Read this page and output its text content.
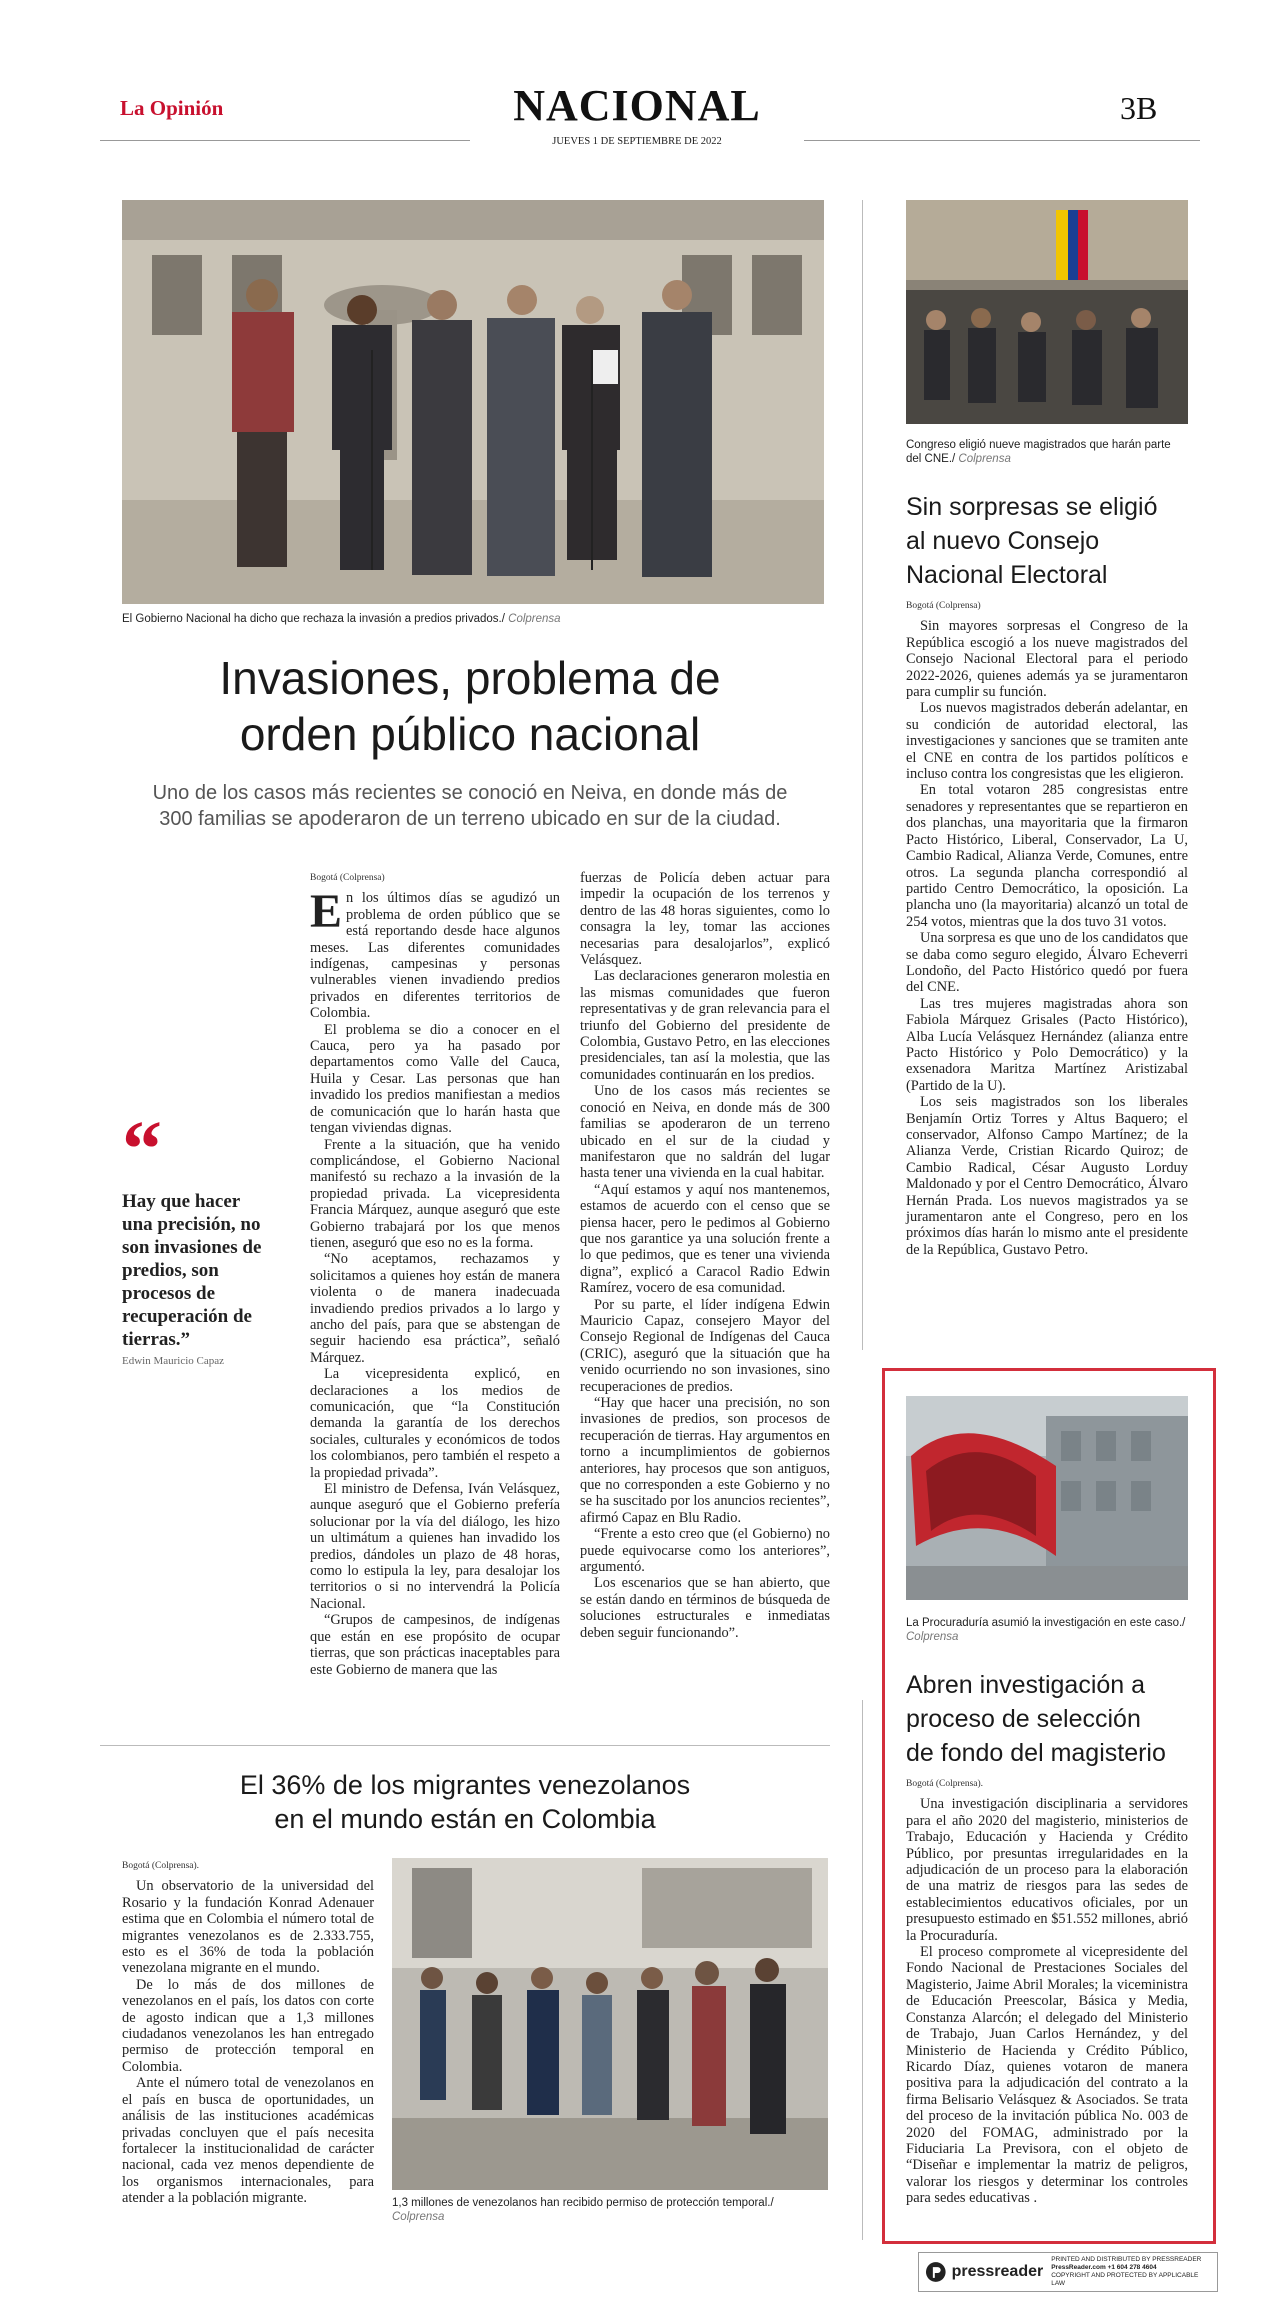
La Opinión	NACIONAL	3B
JUEVES 1 DE SEPTIEMBRE DE 2022
El Gobierno Nacional ha dicho que rechaza la invasión a predios privados./ Colprensa
Invasiones, problema de
orden público nacional
Uno de los casos más recientes se conoció en Neiva, en donde más de
300 familias se apoderaron de un terreno ubicado en sur de la ciudad.
“
Hay que hacer una precisión, no son invasiones de predios, son procesos de recuperación de tierras.”
Edwin Mauricio Capaz
Bogotá (Colprensa)

En los últimos días se agudizó un problema de orden público que se está reportando desde hace algunos meses. Las diferentes comunidades indígenas, campesinas y personas vulnerables vienen invadiendo predios privados en diferentes territorios de Colombia.

El problema se dio a conocer en el Cauca, pero ya ha pasado por departamentos como Valle del Cauca, Huila y Cesar. Las personas que han invadido los predios manifiestan a medios de comunicación que lo harán hasta que tengan viviendas dignas.

Frente a la situación, que ha venido complicándose, el Gobierno Nacional manifestó su rechazo a la invasión de la propiedad privada. La vicepresidenta Francia Márquez, aunque aseguró que este Gobierno trabajará por los que menos tienen, aseguró que eso no es la forma.

“No aceptamos, rechazamos y solicitamos a quienes hoy están de manera violenta o de manera inadecuada invadiendo predios privados a lo largo y ancho del país, para que se abstengan de seguir haciendo esa práctica”, señaló Márquez.

La vicepresidenta explicó, en declaraciones a los medios de comunicación, que “la Constitución demanda la garantía de los derechos sociales, culturales y económicos de todos los colombianos, pero también el respeto a la propiedad privada”.

El ministro de Defensa, Iván Velásquez, aunque aseguró que el Gobierno prefería solucionar por la vía del diálogo, les hizo un ultimátum a quienes han invadido los predios, dándoles un plazo de 48 horas, como lo estipula la ley, para desalojar los territorios o si no intervendrá la Policía Nacional.

“Grupos de campesinos, de indígenas que están en ese propósito de ocupar tierras, que son prácticas inaceptables para este Gobierno de manera que las

fuerzas de Policía deben actuar para impedir la ocupación de los terrenos y dentro de las 48 horas siguientes, como lo consagra la ley, tomar las acciones necesarias para desalojarlos”, explicó Velásquez.

Las declaraciones generaron molestia en las mismas comunidades que fueron representativas y de gran relevancia para el triunfo del Gobierno del presidente de Colombia, Gustavo Petro, en las elecciones presidenciales, tan así la molestia, que las comunidades continuarán en los predios.

Uno de los casos más recientes se conoció en Neiva, en donde más de 300 familias se apoderaron de un terreno ubicado en el sur de la ciudad y manifestaron que no saldrán del lugar hasta tener una vivienda en la cual habitar.

“Aquí estamos y aquí nos mantenemos, estamos de acuerdo con el censo que se piensa hacer, pero le pedimos al Gobierno que nos garantice ya una solución frente a lo que pedimos, que es tener una vivienda digna”, explicó a Caracol Radio Edwin Ramírez, vocero de esa comunidad.

Por su parte, el líder indígena Edwin Mauricio Capaz, consejero Mayor del Consejo Regional de Indígenas del Cauca (CRIC), aseguró que la situación que ha venido ocurriendo no son invasiones, sino recuperaciones de predios.

“Hay que hacer una precisión, no son invasiones de predios, son procesos de recuperación de tierras. Hay argumentos en torno a incumplimientos de gobiernos anteriores, hay procesos que son antiguos, que no corresponden a este Gobierno y no se ha suscitado por los anuncios recientes”, afirmó Capaz en Blu Radio.

“Frente a esto creo que (el Gobierno) no puede equivocarse como los anteriores”, argumentó.

Los escenarios que se han abierto, que se están dando en términos de búsqueda de soluciones estructurales e inmediatas deben seguir funcionando”.

El 36% de los migrantes venezolanos
en el mundo están en Colombia
Bogotá (Colprensa).

Un observatorio de la universidad del Rosario y la fundación Konrad Adenauer estima que en Colombia el número total de migrantes venezolanos es de 2.333.755, esto es el 36% de toda la población venezolana migrante en el mundo.

De lo más de dos millones de venezolanos en el país, los datos con corte de agosto indican que a 1,3 millones ciudadanos venezolanos les han entregado permiso de protección temporal en Colombia.

Ante el número total de venezolanos en el país en busca de oportunidades, un análisis de las instituciones académicas privadas concluyen que el país necesita fortalecer la institucionalidad de carácter nacional, cada vez menos dependiente de los organismos internacionales, para atender a la población migrante.	1,3 millones de venezolanos han recibido permiso de protección temporal./ Colprensa
Congreso eligió nueve magistrados que harán parte del CNE./ Colprensa
Sin sorpresas se eligió
al nuevo Consejo
Nacional Electoral
Bogotá (Colprensa)

Sin mayores sorpresas el Congreso de la República escogió a los nueve magistrados del Consejo Nacional Electoral para el periodo 2022-2026, quienes además ya se juramentaron para cumplir su función.

Los nuevos magistrados deberán adelantar, en su condición de autoridad electoral, las investigaciones y sanciones que se tramiten ante el CNE en contra de los partidos políticos e incluso contra los congresistas que les eligieron.

En total votaron 285 congresistas entre senadores y representantes que se repartieron en dos planchas, una mayoritaria que la firmaron Pacto Histórico, Liberal, Conservador, La U, Cambio Radical, Alianza Verde, Comunes, entre otros. La segunda plancha correspondió al partido Centro Democrático, la oposición. La plancha uno (la mayoritaria) alcanzó un total de 254 votos, mientras que la dos tuvo 31 votos.

Una sorpresa es que uno de los candidatos que se daba como seguro elegido, Álvaro Echeverri Londoño, del Pacto Histórico quedó por fuera del CNE.

Las tres mujeres magistradas ahora son Fabiola Márquez Grisales (Pacto Histórico), Alba Lucía Velásquez Hernández (alianza entre Pacto Histórico y Polo Democrático) y la exsenadora Maritza Martínez Aristizabal (Partido de la U).

Los seis magistrados son los liberales Benjamín Ortiz Torres y Altus Baquero; el conservador, Alfonso Campo Martínez; de la Alianza Verde, Cristian Ricardo Quiroz; de Cambio Radical, César Augusto Lorduy Maldonado y por el Centro Democrático, Álvaro Hernán Prada. Los nuevos magistrados ya se juramentaron ante el Congreso, pero en los próximos días harán lo mismo ante el presidente de la República, Gustavo Petro.

La Procuraduría asumió la investigación en este caso./ Colprensa
Abren investigación a
proceso de selección
de fondo del magisterio
Bogotá (Colprensa).

Una investigación disciplinaria a servidores para el año 2020 del magisterio, ministerios de Trabajo, Educación y Hacienda y Crédito Público, por presuntas irregularidades en la adjudicación de un proceso para la elaboración de una matriz de riesgos para las sedes de establecimientos educativos oficiales, por un presupuesto estimado en $51.552 millones, abrió la Procuraduría.

El proceso compromete al vicepresidente del Fondo Nacional de Prestaciones Sociales del Magisterio, Jaime Abril Morales; la viceministra de Educación Preescolar, Básica y Media, Constanza Alarcón; el delegado del Ministerio de Trabajo, Juan Carlos Hernández, y del Ministerio de Hacienda y Crédito Público, Ricardo Díaz, quienes votaron de manera positiva para la adjudicación del contrato a la firma Belisario Velásquez & Asociados. Se trata del proceso de la invitación pública No. 003 de 2020 del FOMAG, administrado por la Fiduciaria La Previsora, con el objeto de “Diseñar e implementar la matriz de peligros, valorar los riesgos y determinar los controles para sedes educativas .

pressreader
PRINTED AND DISTRIBUTED BY PRESSREADER
PressReader.com +1 604 278 4604
COPYRIGHT AND PROTECTED BY APPLICABLE LAW
